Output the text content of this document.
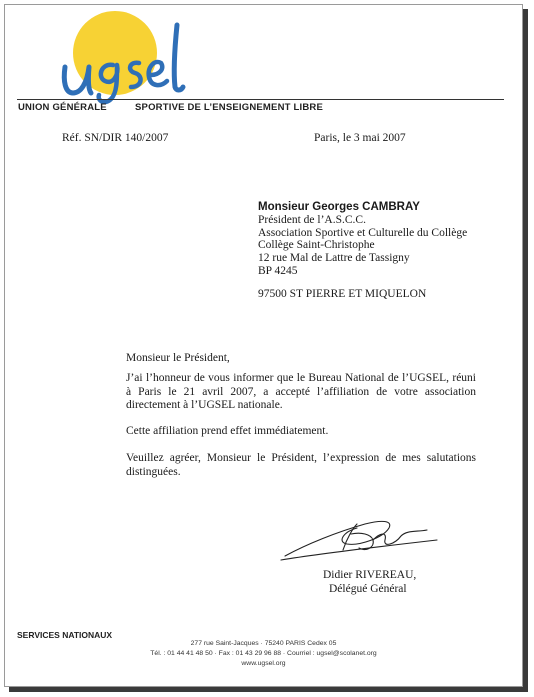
ugsel
UNION GÉNÉRALE	SPORTIVE DE L’ENSEIGNEMENT LIBRE
Réf. SN/DIR 140/2007	Paris, le 3 mai 2007
Monsieur Georges CAMBRAY
Président de l’A.S.C.C.
Association Sportive et Culturelle du Collège
Collège Saint-Christophe
12 rue Mal de Lattre de Tassigny
BP 4245
97500 ST PIERRE ET MIQUELON
Monsieur le Président,
J’ai l’honneur de vous informer que le Bureau National de l’UGSEL, réuni à Paris le 21 avril 2007, a accepté l’affiliation de votre association directement à l’UGSEL nationale.
Cette affiliation prend effet immédiatement.
Veuillez agréer, Monsieur le Président, l’expression de mes salutations distinguées.
Didier RIVEREAU,
Délégué Général
SERVICES NATIONAUX
277 rue Saint-Jacques · 75240 PARIS Cedex 05
Tél. : 01 44 41 48 50 · Fax : 01 43 29 96 88 · Courriel : ugsel@scolanet.org
www.ugsel.org
